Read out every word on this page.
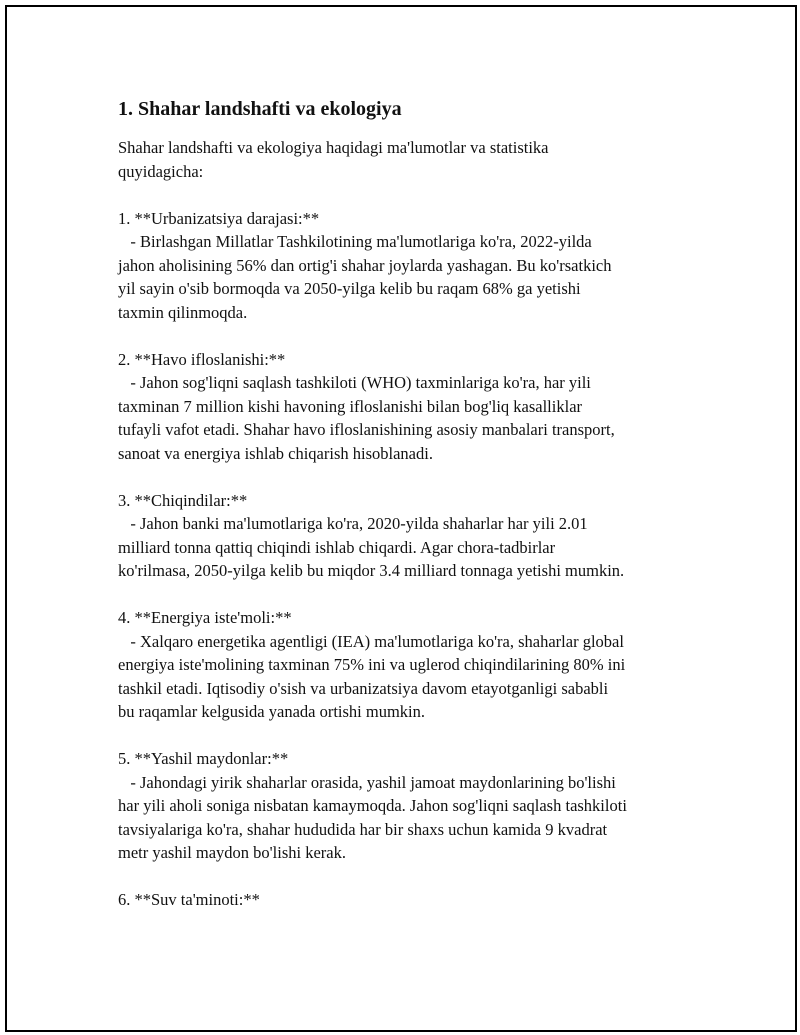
1. Shahar landshafti va ekologiya

Shahar landshafti va ekologiya haqidagi ma'lumotlar va statistika

quyidagicha:

1. **Urbanizatsiya darajasi:**

- Birlashgan Millatlar Tashkilotining ma'lumotlariga ko'ra, 2022-yilda

jahon aholisining 56% dan ortig'i shahar joylarda yashagan. Bu ko'rsatkich

yil sayin o'sib bormoqda va 2050-yilga kelib bu raqam 68% ga yetishi

taxmin qilinmoqda.

2. **Havo ifloslanishi:**

- Jahon sog'liqni saqlash tashkiloti (WHO) taxminlariga ko'ra, har yili

taxminan 7 million kishi havoning ifloslanishi bilan bog'liq kasalliklar

tufayli vafot etadi. Shahar havo ifloslanishining asosiy manbalari transport,

sanoat va energiya ishlab chiqarish hisoblanadi.

3. **Chiqindilar:**

- Jahon banki ma'lumotlariga ko'ra, 2020-yilda shaharlar har yili 2.01

milliard tonna qattiq chiqindi ishlab chiqardi. Agar chora-tadbirlar

ko'rilmasa, 2050-yilga kelib bu miqdor 3.4 milliard tonnaga yetishi mumkin.

4. **Energiya iste'moli:**

- Xalqaro energetika agentligi (IEA) ma'lumotlariga ko'ra, shaharlar global

energiya iste'molining taxminan 75% ini va uglerod chiqindilarining 80% ini

tashkil etadi. Iqtisodiy o'sish va urbanizatsiya davom etayotganligi sababli

bu raqamlar kelgusida yanada ortishi mumkin.

5. **Yashil maydonlar:**

- Jahondagi yirik shaharlar orasida, yashil jamoat maydonlarining bo'lishi

har yili aholi soniga nisbatan kamaymoqda. Jahon sog'liqni saqlash tashkiloti

tavsiyalariga ko'ra, shahar hududida har bir shaxs uchun kamida 9 kvadrat

metr yashil maydon bo'lishi kerak.

6. **Suv ta'minoti:**
